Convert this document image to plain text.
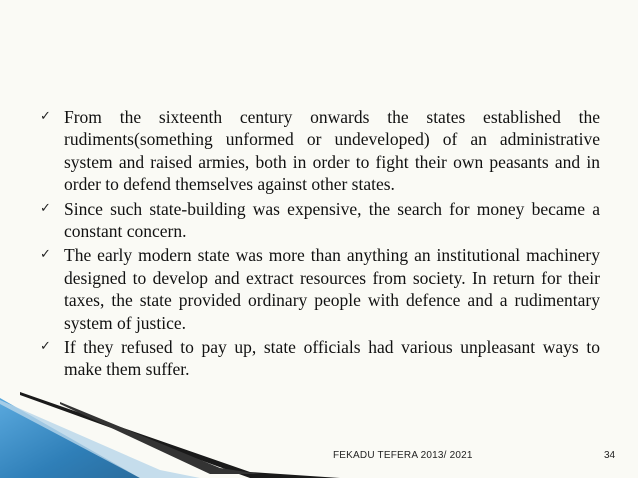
✓ From the sixteenth century onwards the states established the rudiments(something unformed or undeveloped) of an administrative system and raised armies, both in order to fight their own peasants and in order to defend themselves against other states.
✓ Since such state-building was expensive, the search for money became a constant concern.
✓ The early modern state was more than anything an institutional machinery designed to develop and extract resources from society. In return for their taxes, the state provided ordinary people with defence and a rudimentary system of justice.
✓ If they refused to pay up, state officials had various unpleasant ways to make them suffer.
FEKADU TEFERA 2013/ 2021	34
